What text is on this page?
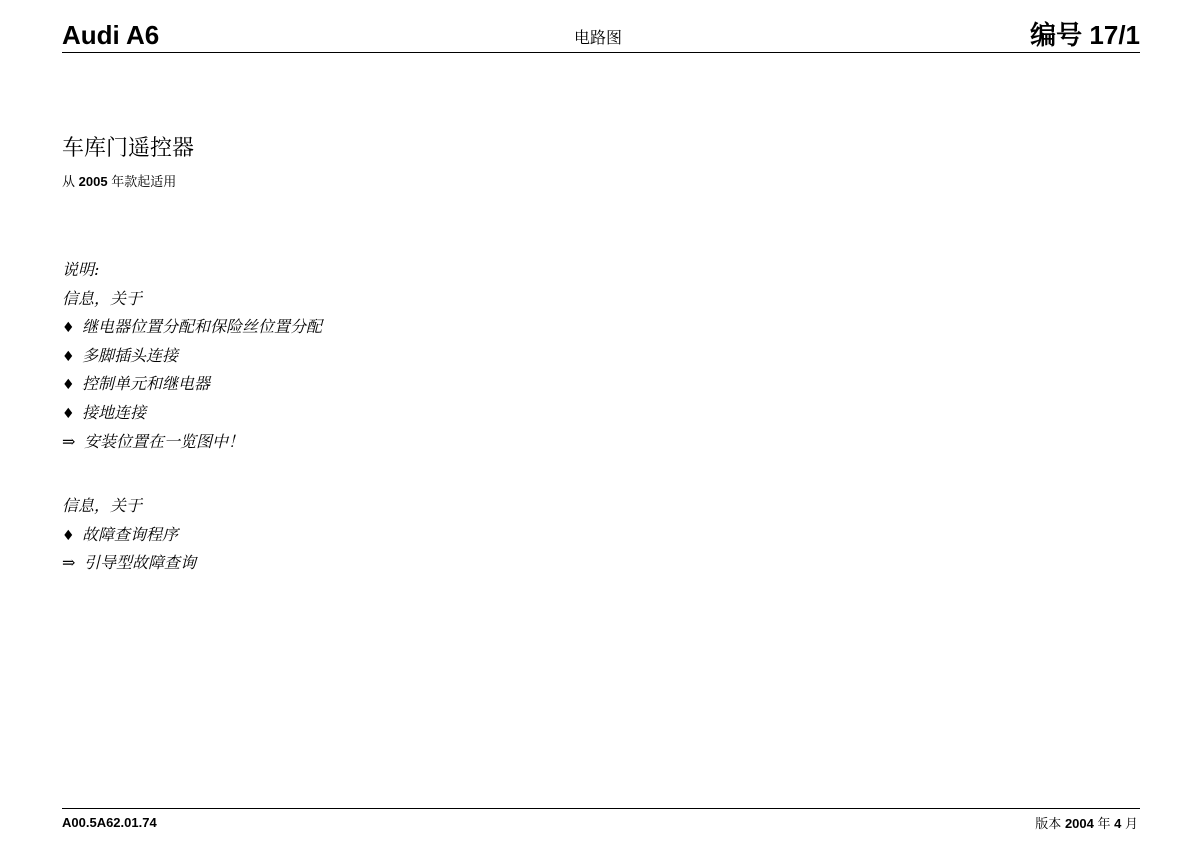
Audi A6	电路图	编号 17/1
车库门遥控器
从 2005 年款起适用
说明:
信息，关于
♦ 继电器位置分配和保险丝位置分配
♦ 多脚插头连接
♦ 控制单元和继电器
♦ 接地连接
⇒ 安装位置在一览图中！
信息，关于
♦ 故障查询程序
⇒ 引导型故障查询
A00.5A62.01.74	版本 2004 年 4 月
